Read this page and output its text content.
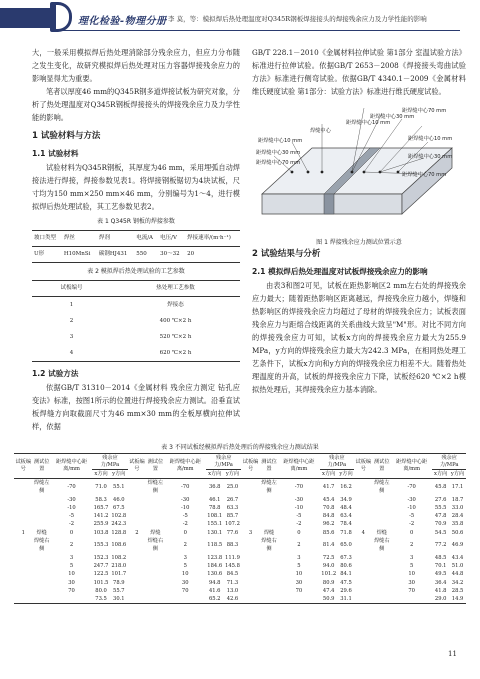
理化检验-物理分册 李 莫，等：模拟焊后热处理温度对Q345R钢板焊接接头的焊接残余应力及力学性能的影响

大，一般采用模拟焊后热处理消除部分残余应力，但应力分布随之发生变化，故研究模拟焊后热处理对压力容器焊接残余应力的影响显得尤为重要。

笔者以厚度46 mm的Q345R钢多道焊接试板为研究对象，分析了热处理温度对Q345R钢板焊接接头的焊接残余应力及力学性能的影响。

1 试验材料与方法
1.1 试验材料

试验材料为Q345R钢板，其厚度为46 mm，采用埋弧自动焊接法进行焊接，焊接参数见表1。将焊接钢板锯切为4块试板，尺寸均为150 mm×250 mm×46 mm，分别编号为1～4，进行模拟焊后热处理试验，其工艺参数见表2。

表 1 Q345R 钢板的焊接参数
坡口类型	焊丝	焊剂	电流/A	电压/V	焊接速率/(m·h⁻¹)
U形	H10MnSi	碳钢HJ431	550	30～32	20
表 2 模拟焊后热处理试验的工艺参数
试板编号	热处理工艺参数
1	焊接态
2	400 ℃×2 h
3	520 ℃×2 h
4	620 ℃×2 h
1.2 试验方法

依据GB/T 31310－2014《金属材料 残余应力测定 钻孔应变法》标准，按图1所示的位置进行焊接残余应力测试。沿垂直试板焊缝方向取截面尺寸为46 mm×30 mm的全板厚横向拉伸试样，依据

GB/T 228.1－2010《金属材料拉伸试验 第1部分 室温试验方法》标准进行拉伸试验。依据GB/T 2653－2008《焊接接头弯曲试验方法》标准进行侧弯试验。依据GB/T 4340.1－2009《金属材料维氏硬度试验 第1部分：试验方法》标准进行维氏硬度试验。

距焊缝中心70 mm
距焊缝中心30 mm
距焊缝中心10 mm
焊缝中心
距焊缝中心10 mm
距焊缝中心30 mm
距焊缝中心70 mm
距焊缝中心10 mm
距焊缝中心30 mm
距焊缝中心70 mm
图 1 焊接残余应力测试位置示意
2 试验结果与分析
2.1 模拟焊后热处理温度对试板焊接残余应力的影响

由表3和图2可见，试板在距热影响区2 mm左右处的焊接残余应力最大；随着距热影响区距离越远，焊接残余应力越小，焊缝和热影响区的焊接残余应力均超过了母材的焊接残余应力；试板表面残余应力与距熔合线距离的关系曲线大致呈"M"形。对比不同方向的焊接残余应力可知，试板x方向的焊接残余应力最大为255.9 MPa，y方向的焊接残余应力最大为242.3 MPa，在相同热处理工艺条件下，试板x方向和y方向的焊接残余应力相差不大。随着热处理温度的升高，试板的焊接残余应力下降，试板经620 ℃×2 h模拟热处理后，其焊接残余应力基本消除。

表 3 不同试板经模拟焊后热处理后的焊接残余应力测试结果
试板编号	测试位置	距焊缝中心距离/mm	残余应力/MPa		试板编号	测试位置	距焊缝中心距离/mm	残余应力/MPa		试板编号	测试位置	距焊缝中心距离/mm	残余应力/MPa		试板编号	测试位置	距焊缝中心距离/mm	残余应力/MPa	
			x方向	y方向				x方向	y方向				x方向	y方向				x方向	y方向
	焊缝左侧	-70	71.0	55.1		焊缝左侧	-70	36.8	25.0		焊缝左侧	-70	41.7	16.2		焊缝左侧	-70	45.8	17.1
		-30	58.3	46.0			-30	46.1	26.7			-30	45.4	34.9			-30	27.6	18.7
		-10	165.7	67.5			-10	78.8	63.3			-10	70.8	48.4			-10	55.5	33.0
		-5	141.2	102.8			-5	108.1	85.7			-5	84.8	63.4			-5	47.8	28.4
		-2	255.9	242.3			-2	155.1	107.2			-2	96.2	78.4			-2	70.9	35.8
1	焊缝	0	103.8	128.8	2	焊缝	0	130.1	77.6	3	焊缝	0	85.6	71.8	4	焊缝	0	54.5	50.6
	焊缝右侧	2	155.3	108.6		焊缝右侧	2	118.5	88.3		焊缝右侧	2	81.4	65.0		焊缝右侧	2	77.2	46.9
		3	152.3	108.2			3	123.8	111.9			3	72.5	67.3			3	48.5	43.4
		5	247.7	218.0			5	184.6	145.8			5	94.0	80.6			5	70.1	51.0
		10	122.5	101.7			10	130.6	84.5			10	101.2	84.1			10	49.5	44.8
		30	101.5	78.9			30	94.8	71.3			30	80.9	47.5			30	36.4	34.2
		70	80.0	55.7			70	41.6	13.0			70	47.4	29.6			70	41.8	28.5
			73.5	30.1				65.2	42.6				50.9	31.1				29.0	14.9
11
